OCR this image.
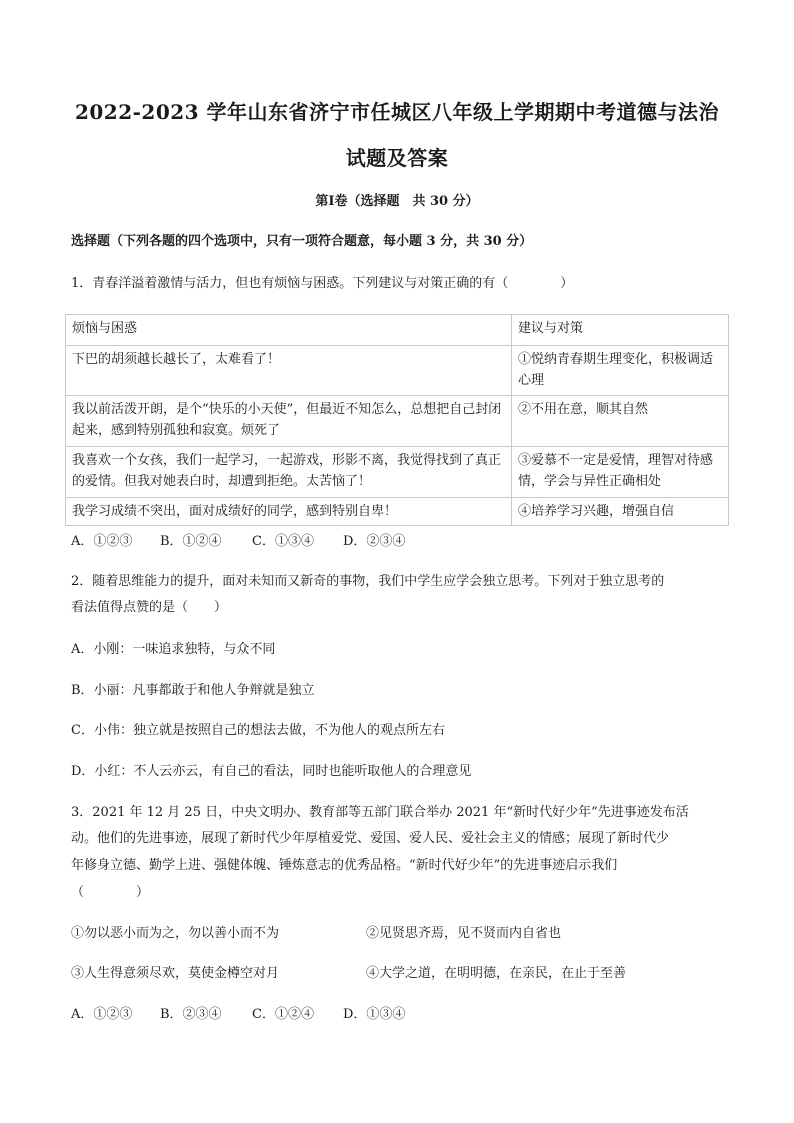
2022-2023 学年山东省济宁市任城区八年级上学期期中考道德与法治
试题及答案
第Ⅰ卷（选择题　共 30 分）
选择题（下列各题的四个选项中，只有一项符合题意，每小题 3 分，共 30 分）
1．青春洋溢着激情与活力，但也有烦恼与困惑。下列建议与对策正确的有（　　　　）
烦恼与困惑	建议与对策
下巴的胡须越长越长了，太难看了！	①悦纳青春期生理变化，积极调适心理
我以前活泼开朗，是个“快乐的小天使”，但最近不知怎么，总想把自己封闭起来，感到特别孤独和寂寞。烦死了	②不用在意，顺其自然
我喜欢一个女孩，我们一起学习，一起游戏，形影不离，我觉得找到了真正的爱情。但我对她表白时，却遭到拒绝。太苦恼了！	③爱慕不一定是爱情，理智对待感情，学会与异性正确相处
我学习成绩不突出，面对成绩好的同学，感到特别自卑！	④培养学习兴趣，增强自信
A．①②③ B．①②④ C．①③④ D．②③④
2．随着思维能力的提升，面对未知而又新奇的事物，我们中学生应学会独立思考。下列对于独立思考的
看法值得点赞的是（　　）
A．小刚：一味追求独特，与众不同
B．小丽：凡事都敢于和他人争辩就是独立
C．小伟：独立就是按照自己的想法去做，不为他人的观点所左右
D．小红：不人云亦云，有自己的看法，同时也能听取他人的合理意见
3．2021 年 12 月 25 日，中央文明办、教育部等五部门联合举办 2021 年“新时代好少年”先进事迹发布活
动。他们的先进事迹，展现了新时代少年厚植爱党、爱国、爱人民、爱社会主义的情感；展现了新时代少
年修身立德、勤学上进、强健体魄、锤炼意志的优秀品格。“新时代好少年”的先进事迹启示我们
（　　　　）
①勿以恶小而为之，勿以善小而不为	②见贤思齐焉，见不贤而内自省也
③人生得意须尽欢，莫使金樽空对月	④大学之道，在明明德，在亲民，在止于至善
A．①②③ B．②③④ C．①②④ D．①③④
